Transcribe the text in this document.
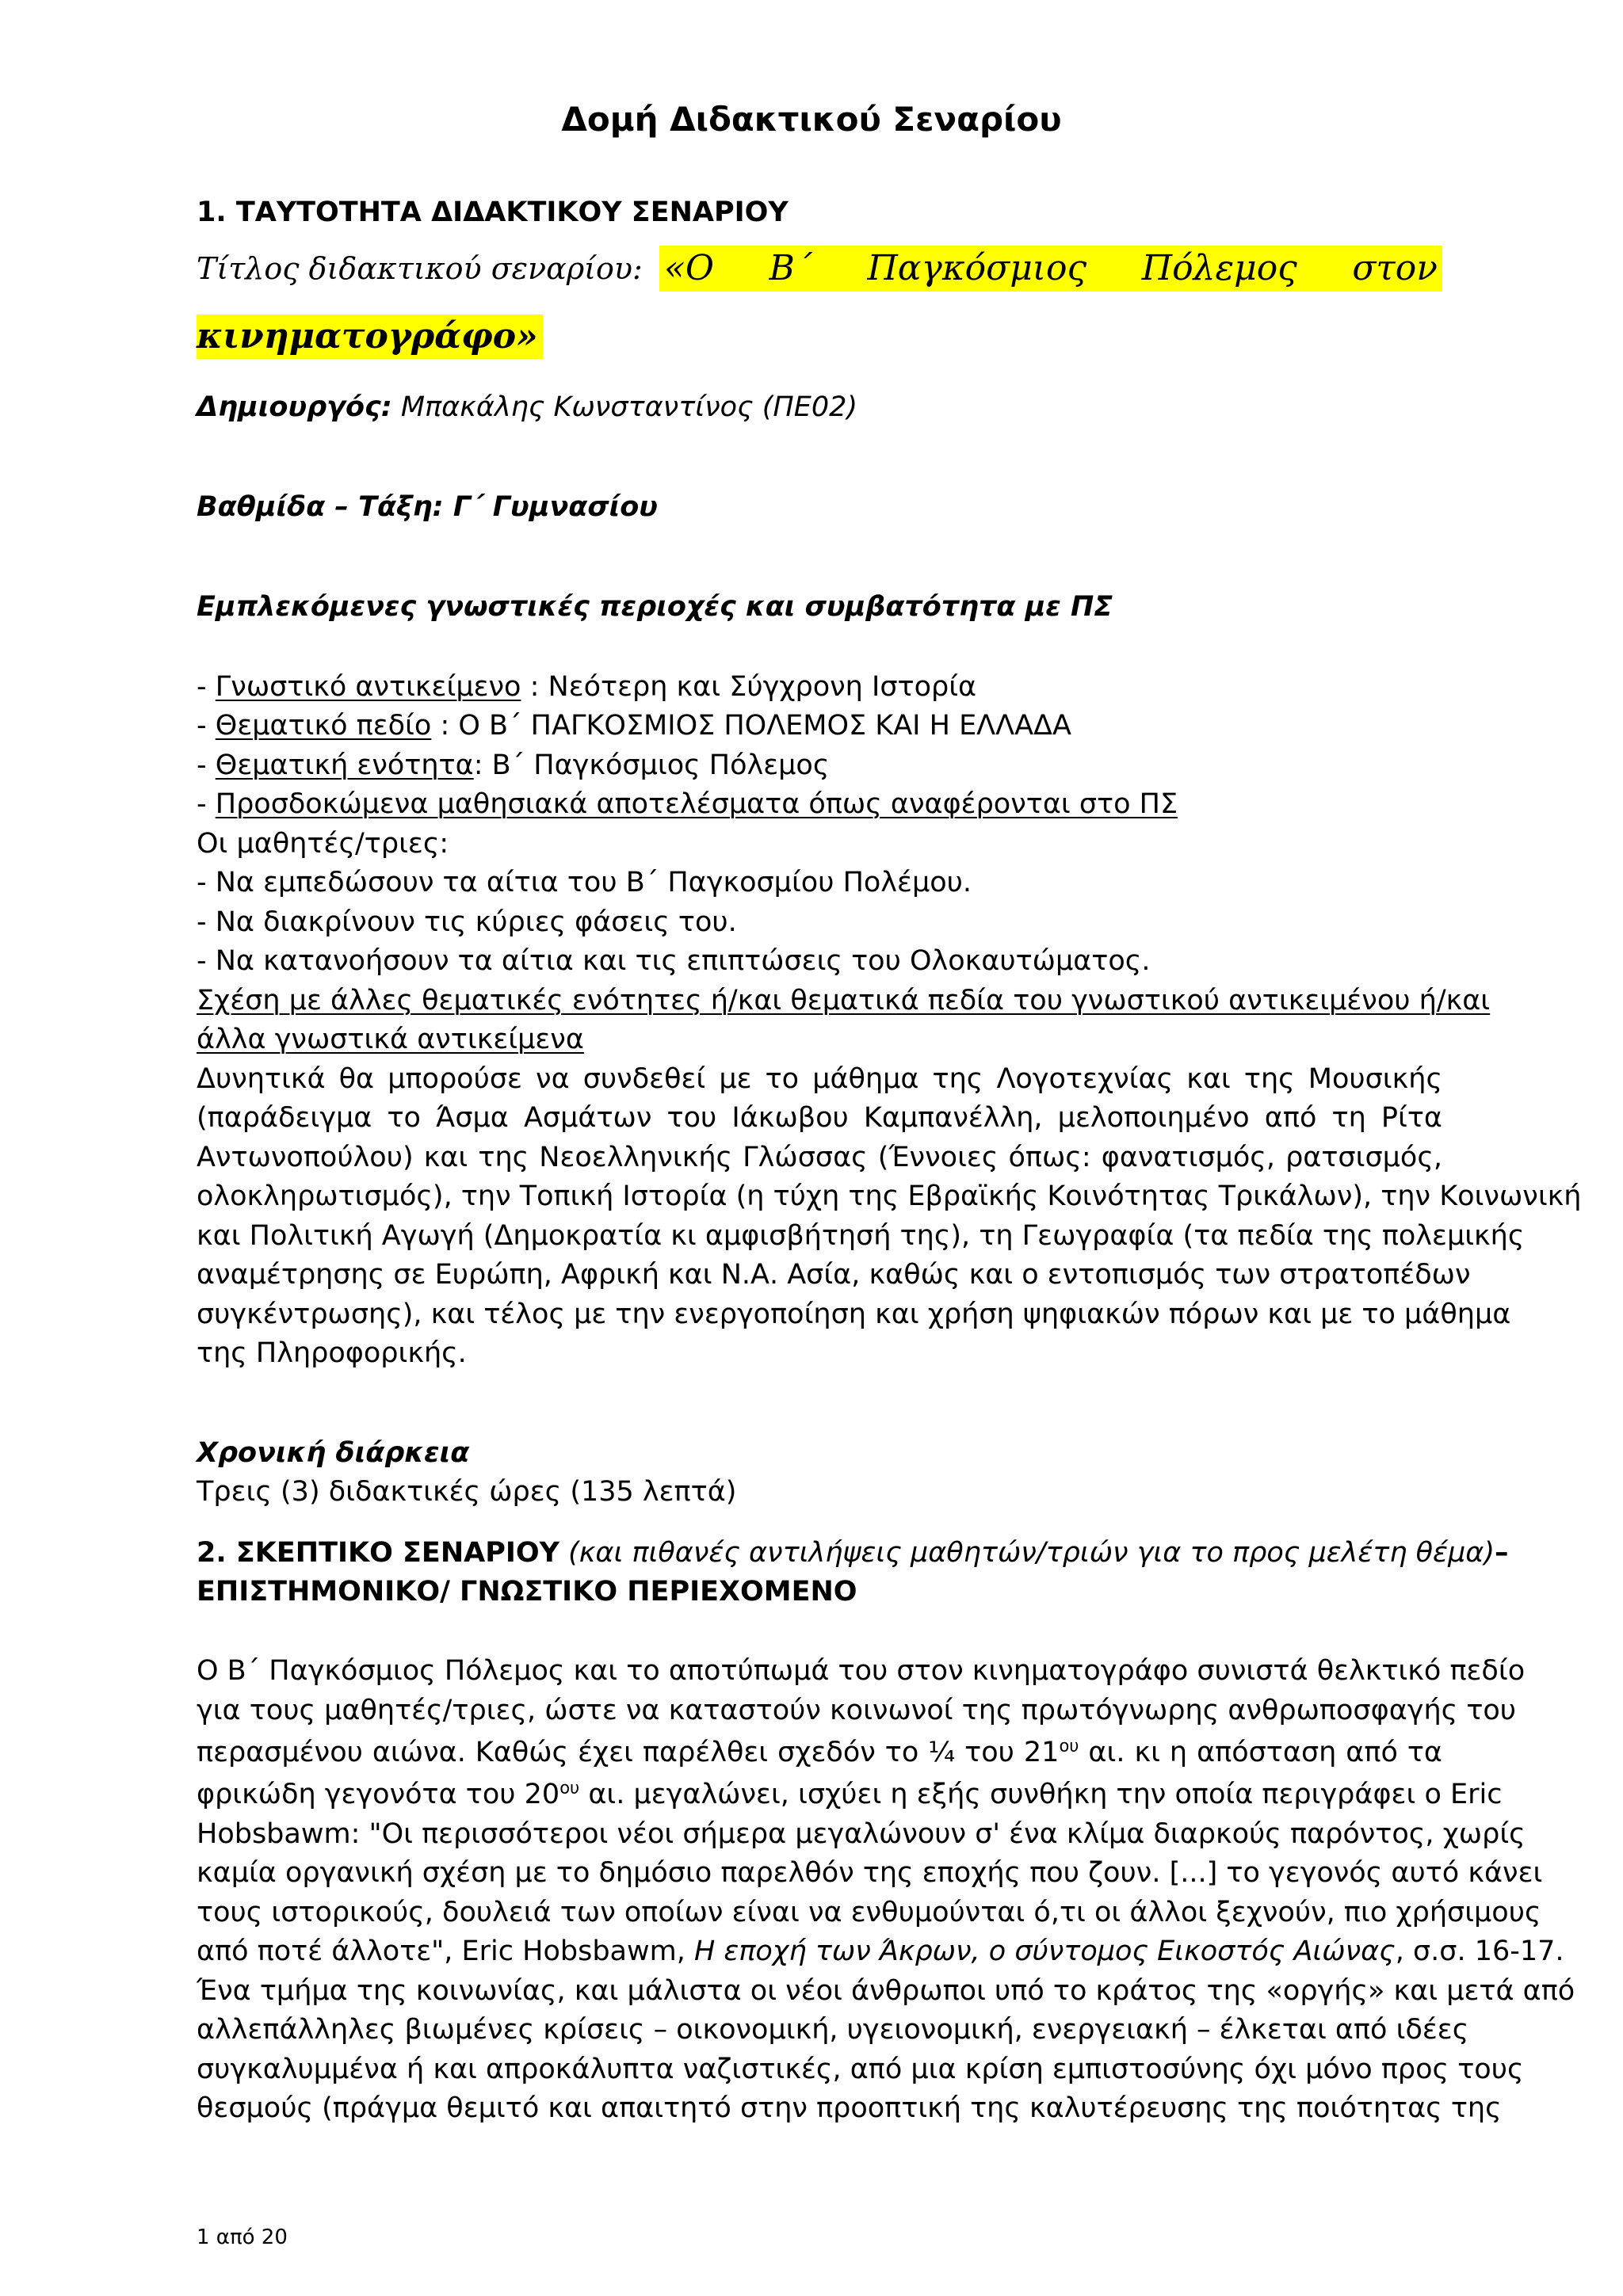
Δομή Διδακτικού Σεναρίου
1. ΤΑΥΤΟΤΗΤΑ ΔΙΔΑΚΤΙΚΟΥ ΣΕΝΑΡΙΟΥ
Τίτλος διδακτικού σεναρίου: «Ο Β΄ Παγκόσμιος Πόλεμος στον
κινηματογράφο»
Δημιουργός: Μπακάλης Κωνσταντίνος (ΠΕ02)
Βαθμίδα – Τάξη: Γ΄ Γυμνασίου
Εμπλεκόμενες γνωστικές περιοχές και συμβατότητα με ΠΣ
- Γνωστικό αντικείμενο : Νεότερη και Σύγχρονη Ιστορία
- Θεματικό πεδίο : Ο Β΄ ΠΑΓΚΟΣΜΙΟΣ ΠΟΛΕΜΟΣ ΚΑΙ Η ΕΛΛΑΔΑ
- Θεματική ενότητα: Β΄ Παγκόσμιος Πόλεμος
- Προσδοκώμενα μαθησιακά αποτελέσματα όπως αναφέρονται στο ΠΣ
Οι μαθητές/τριες:
- Να εμπεδώσουν τα αίτια του Β΄ Παγκοσμίου Πολέμου.
- Να διακρίνουν τις κύριες φάσεις του.
- Να κατανοήσουν τα αίτια και τις επιπτώσεις του Ολοκαυτώματος.
Σχέση με άλλες θεματικές ενότητες ή/και θεματικά πεδία του γνωστικού αντικειμένου ή/και
άλλα γνωστικά αντικείμενα
Δυνητικά θα μπορούσε να συνδεθεί με το μάθημα της Λογοτεχνίας και της Μουσικής
(παράδειγμα το Άσμα Ασμάτων του Ιάκωβου Καμπανέλλη, μελοποιημένο από τη Ρίτα
Αντωνοπούλου) και της Νεοελληνικής Γλώσσας (Έννοιες όπως: φανατισμός, ρατσισμός,
ολοκληρωτισμός), την Τοπική Ιστορία (η τύχη της Εβραϊκής Κοινότητας Τρικάλων), την Κοινωνική
και Πολιτική Αγωγή (Δημοκρατία κι αμφισβήτησή της), τη Γεωγραφία (τα πεδία της πολεμικής
αναμέτρησης σε Ευρώπη, Αφρική και Ν.Α. Ασία, καθώς και ο εντοπισμός των στρατοπέδων
συγκέντρωσης), και τέλος με την ενεργοποίηση και χρήση ψηφιακών πόρων και με το μάθημα
της Πληροφορικής.
Χρονική διάρκεια
Τρεις (3) διδακτικές ώρες (135 λεπτά)
2. ΣΚΕΠΤΙΚΟ ΣΕΝΑΡΙΟΥ (και πιθανές αντιλήψεις μαθητών/τριών για το προς μελέτη θέμα)–
ΕΠΙΣΤΗΜΟΝΙΚΟ/ ΓΝΩΣΤΙΚΟ ΠΕΡΙΕΧΟΜΕΝΟ
Ο Β΄ Παγκόσμιος Πόλεμος και το αποτύπωμά του στον κινηματογράφο συνιστά θελκτικό πεδίο
για τους μαθητές/τριες, ώστε να καταστούν κοινωνοί της πρωτόγνωρης ανθρωποσφαγής του
περασμένου αιώνα. Καθώς έχει παρέλθει σχεδόν το ¼ του $21^{o\upsilon}$ αι. κι η απόσταση από τα
φρικώδη γεγονότα του $20^{o\upsilon}$ αι. μεγαλώνει, ισχύει η εξής συνθήκη την οποία περιγράφει ο Eric
Hobsbawm: "Οι περισσότεροι νέοι σήμερα μεγαλώνουν σ' ένα κλίμα διαρκούς παρόντος, χωρίς
καμία οργανική σχέση με το δημόσιο παρελθόν της εποχής που ζουν. [...] το γεγονός αυτό κάνει
τους ιστορικούς, δουλειά των οποίων είναι να ενθυμούνται ό,τι οι άλλοι ξεχνούν, πιο χρήσιμους
από ποτέ άλλοτε", Eric Hobsbawm, Η εποχή των Άκρων, ο σύντομος Εικοστός Αιώνας, σ.σ. 16-17.
Ένα τμήμα της κοινωνίας, και μάλιστα οι νέοι άνθρωποι υπό το κράτος της «οργής» και μετά από
αλλεπάλληλες βιωμένες κρίσεις – οικονομική, υγειονομική, ενεργειακή – έλκεται από ιδέες
συγκαλυμμένα ή και απροκάλυπτα ναζιστικές, από μια κρίση εμπιστοσύνης όχι μόνο προς τους
θεσμούς (πράγμα θεμιτό και απαιτητό στην προοπτική της καλυτέρευσης της ποιότητας της
1 από 20
